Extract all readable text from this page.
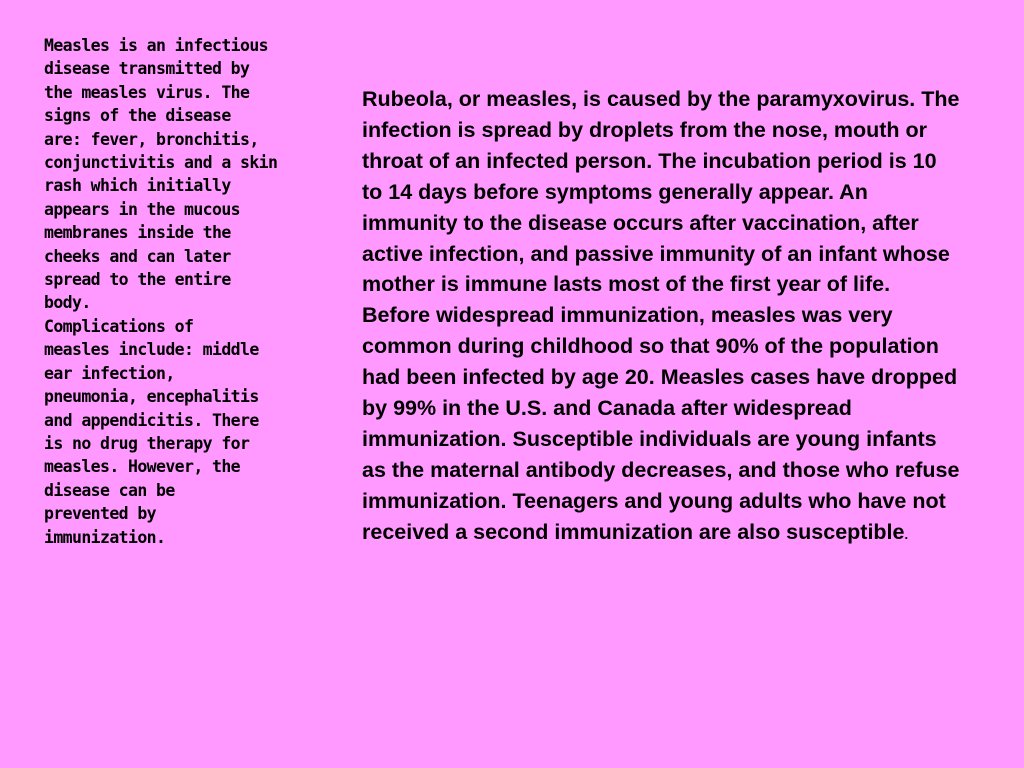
Measles is an infectious
disease transmitted by
the measles virus. The
signs of the disease
are: fever, bronchitis,
conjunctivitis and a skin
rash which initially
appears in the mucous
membranes inside the
cheeks and can later
spread to the entire
body.
Complications of
measles include: middle
ear infection,
pneumonia, encephalitis
and appendicitis. There
is no drug therapy for
measles. However, the
disease can be
prevented by
immunization.

Rubeola, or measles, is caused by the paramyxovirus. The infection is spread by droplets from the nose, mouth or throat of an infected person. The incubation period is 10 to 14 days before symptoms generally appear. An immunity to the disease occurs after vaccination, after active infection, and passive immunity of an infant whose mother is immune lasts most of the first year of life. Before widespread immunization, measles was very common during childhood so that 90% of the population had been infected by age 20. Measles cases have dropped by 99% in the U.S. and Canada after widespread immunization. Susceptible individuals are young infants as the maternal antibody decreases, and those who refuse immunization. Teenagers and young adults who have not received a second immunization are also susceptible.
